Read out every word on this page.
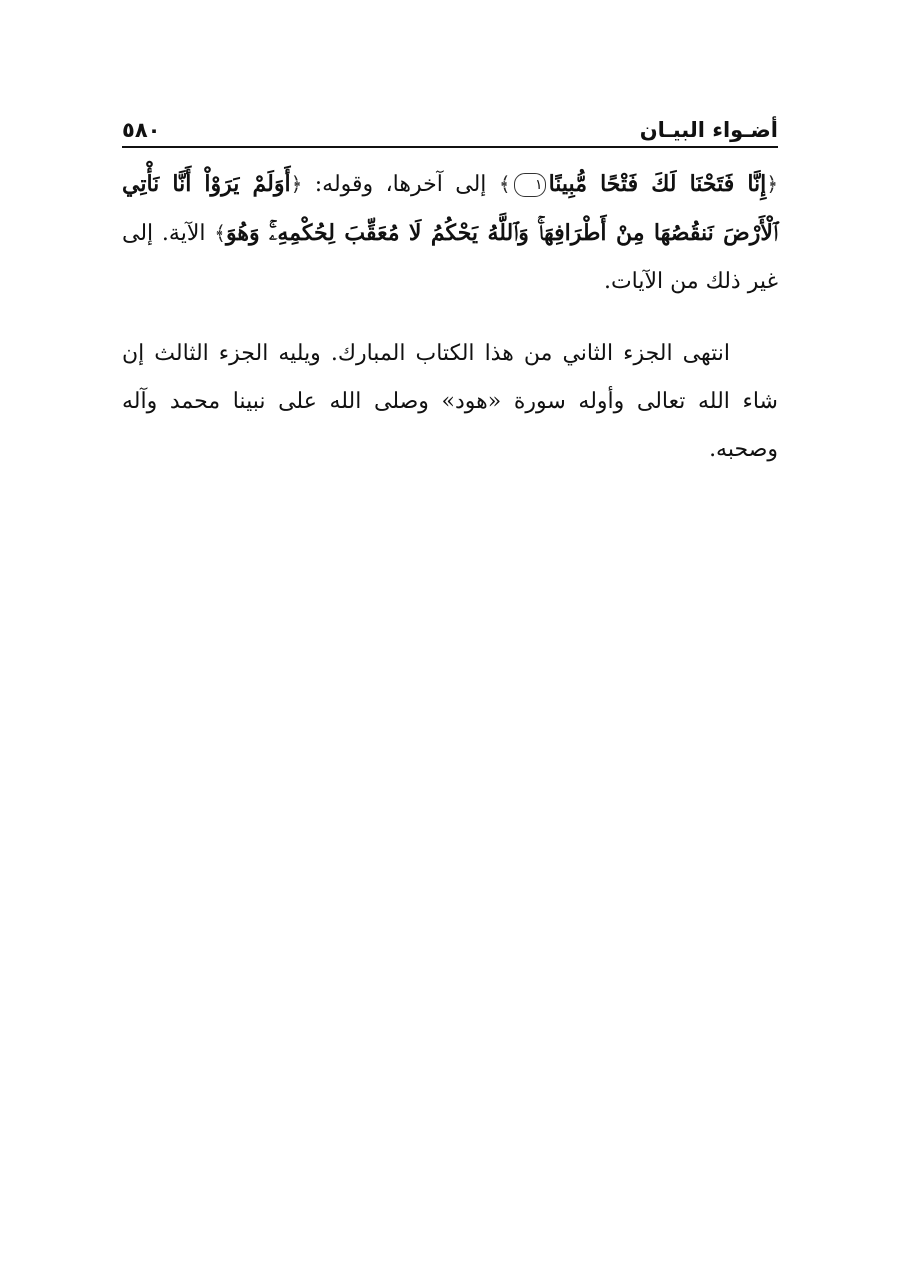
أضـواء البيـان
٥٨٠

﴿إِنَّا فَتَحْنَا لَكَ فَتْحًا مُّبِينًا١﴾ إلى آخرها، وقوله: ﴿أَوَلَمْ يَرَوْاْ أَنَّا نَأْتِي ٱلْأَرْضَ نَنقُصُهَا مِنْ أَطْرَافِهَاۚ وَٱللَّهُ يَحْكُمُ لَا مُعَقِّبَ لِحُكْمِهِۦۚ وَهُوَ﴾ الآية. إلى غير ذلك من الآيات.

انتهى الجزء الثاني من هذا الكتاب المبارك. ويليه الجزء الثالث إن شاء الله تعالى وأوله سورة «هود» وصلى الله على نبينا محمد وآله وصحبه.
